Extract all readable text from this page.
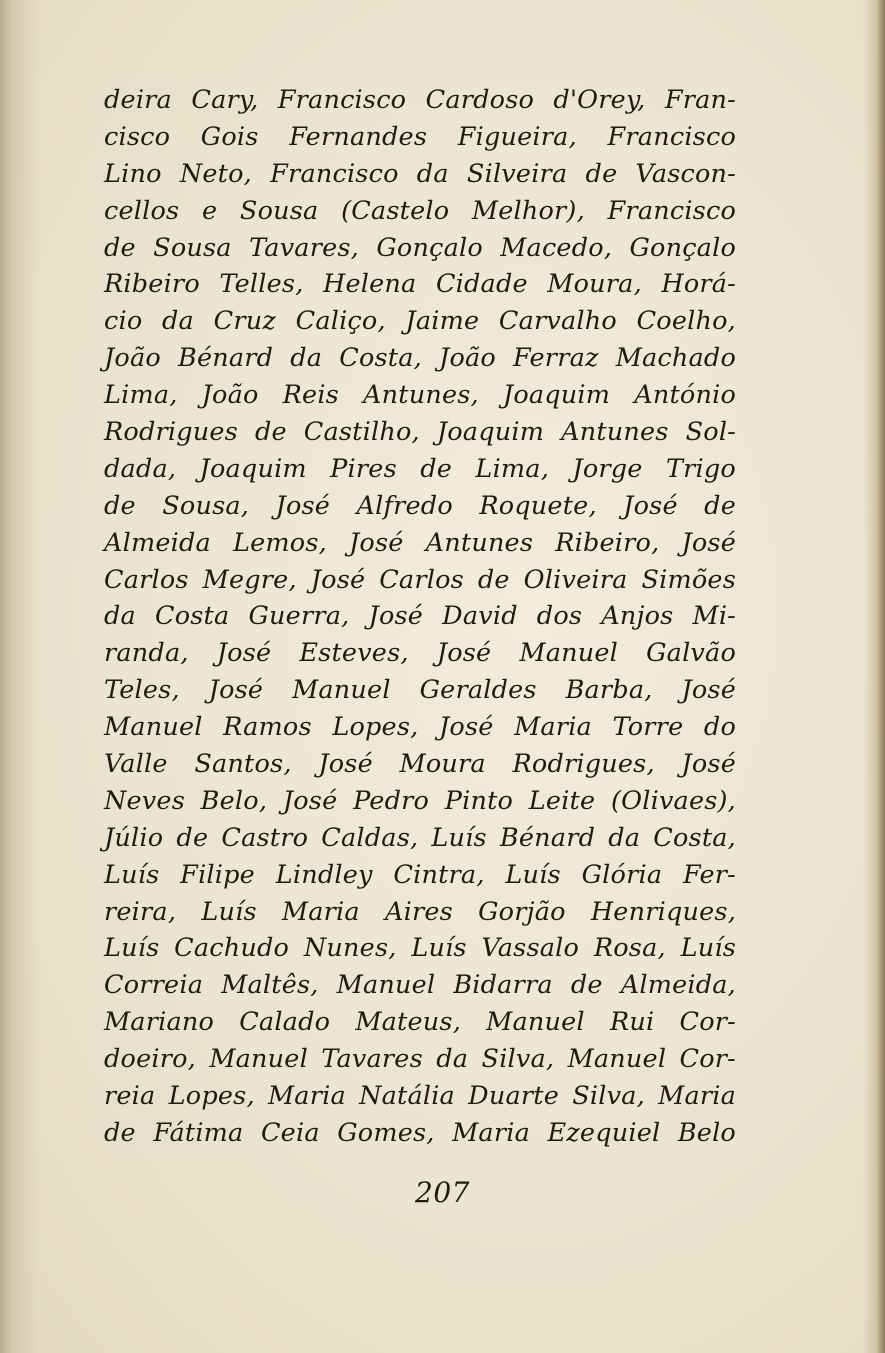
deira Cary, Francisco Cardoso d'Orey, Fran-
cisco Gois Fernandes Figueira, Francisco
Lino Neto, Francisco da Silveira de Vascon-
cellos e Sousa (Castelo Melhor), Francisco
de Sousa Tavares, Gonçalo Macedo, Gonçalo
Ribeiro Telles, Helena Cidade Moura, Horá-
cio da Cruz Caliço, Jaime Carvalho Coelho,
João Bénard da Costa, João Ferraz Machado
Lima, João Reis Antunes, Joaquim António
Rodrigues de Castilho, Joaquim Antunes Sol-
dada, Joaquim Pires de Lima, Jorge Trigo
de Sousa, José Alfredo Roquete, José de
Almeida Lemos, José Antunes Ribeiro, José
Carlos Megre, José Carlos de Oliveira Simões
da Costa Guerra, José David dos Anjos Mi-
randa, José Esteves, José Manuel Galvão
Teles, José Manuel Geraldes Barba, José
Manuel Ramos Lopes, José Maria Torre do
Valle Santos, José Moura Rodrigues, José
Neves Belo, José Pedro Pinto Leite (Olivaes),
Júlio de Castro Caldas, Luís Bénard da Costa,
Luís Filipe Lindley Cintra, Luís Glória Fer-
reira, Luís Maria Aires Gorjão Henriques,
Luís Cachudo Nunes, Luís Vassalo Rosa, Luís
Correia Maltês, Manuel Bidarra de Almeida,
Mariano Calado Mateus, Manuel Rui Cor-
doeiro, Manuel Tavares da Silva, Manuel Cor-
reia Lopes, Maria Natália Duarte Silva, Maria
de Fátima Ceia Gomes, Maria Ezequiel Belo
207
